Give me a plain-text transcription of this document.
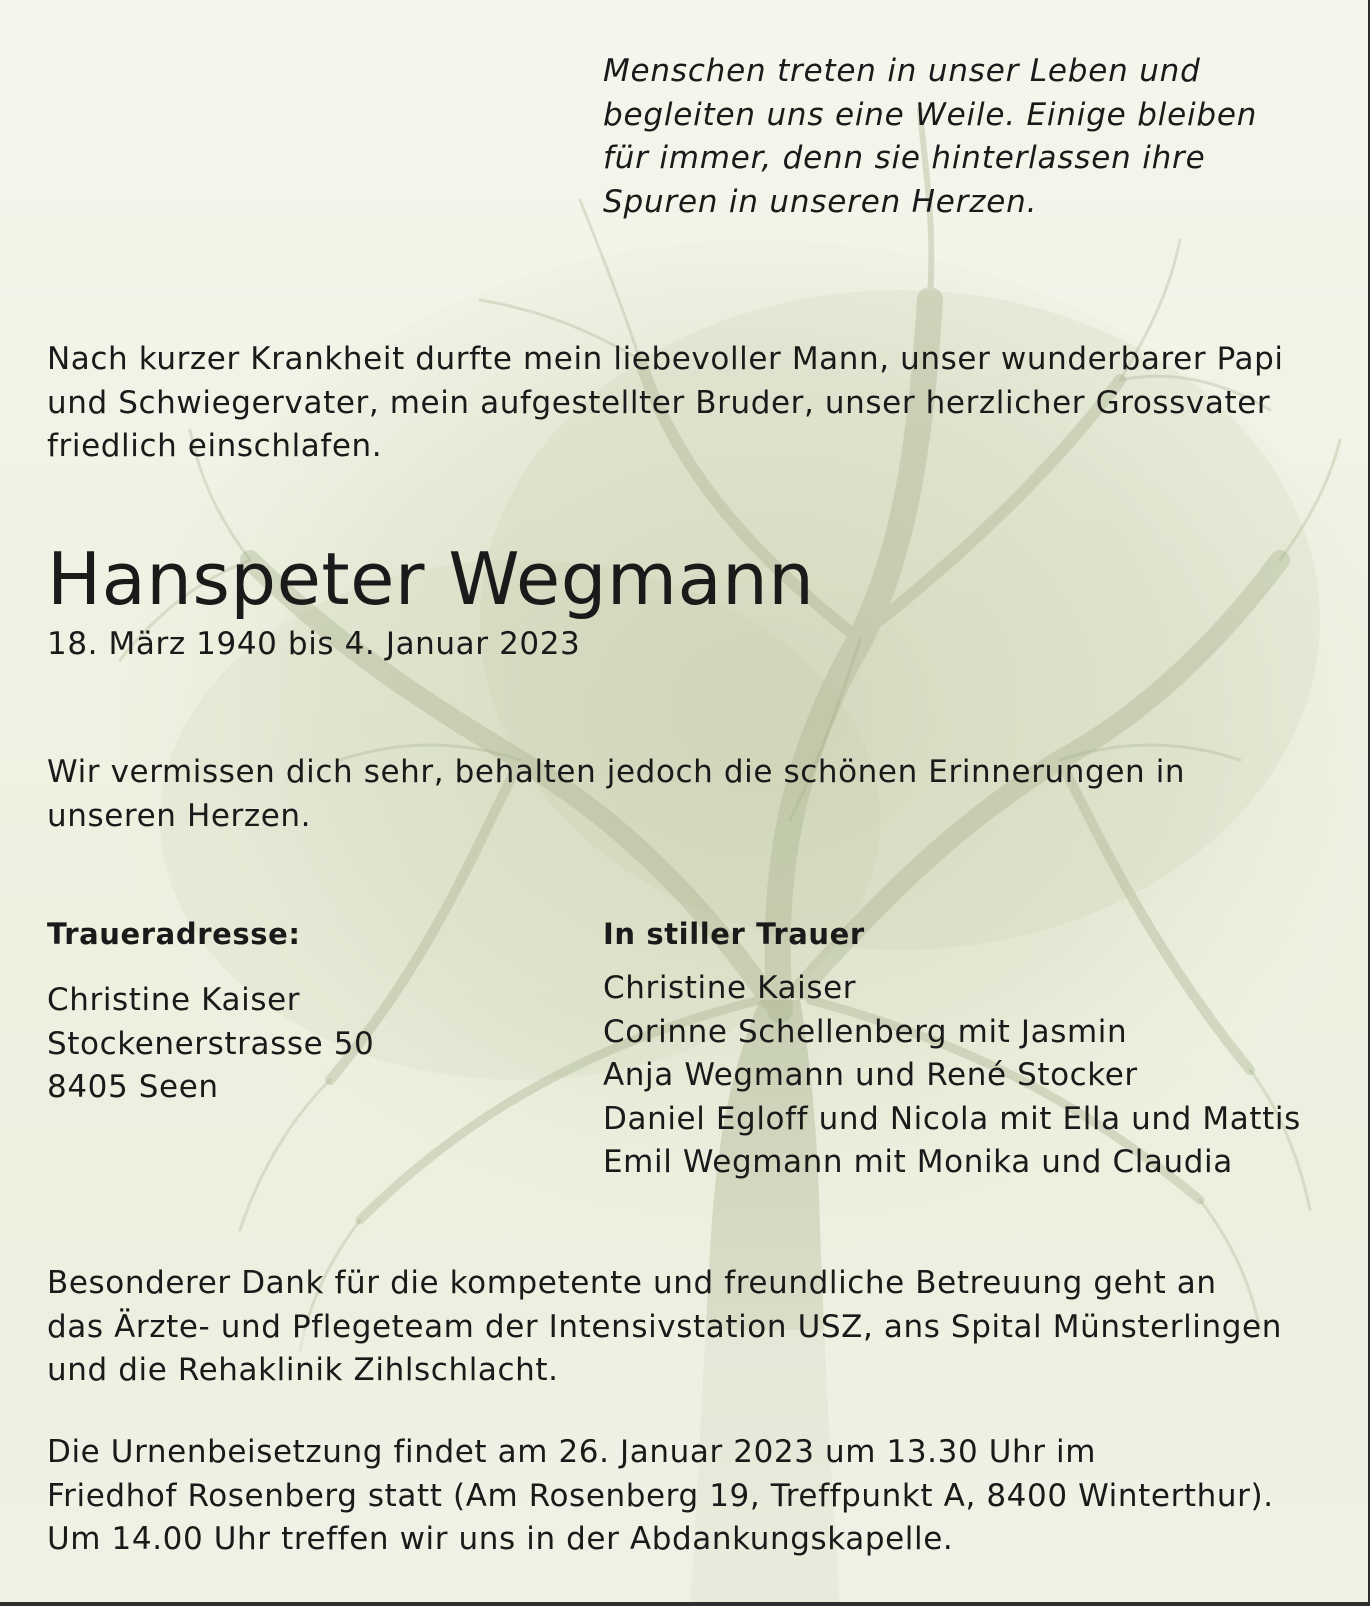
Menschen treten in unser Leben und
begleiten uns eine Weile. Einige bleiben
für immer, denn sie hinterlassen ihre
Spuren in unseren Herzen.

Nach kurzer Krankheit durfte mein liebevoller Mann, unser wunderbarer Papi
und Schwiegervater, mein aufgestellter Bruder, unser herzlicher Grossvater
friedlich einschlafen.

Hanspeter Wegmann

18. März 1940 bis 4. Januar 2023

Wir vermissen dich sehr, behalten jedoch die schönen Erinnerungen in
unseren Herzen.

Traueradresse:

Christine Kaiser
Stockenerstrasse 50
8405 Seen

In stiller Trauer

Christine Kaiser
Corinne Schellenberg mit Jasmin
Anja Wegmann und René Stocker
Daniel Egloff und Nicola mit Ella und Mattis
Emil Wegmann mit Monika und Claudia

Besonderer Dank für die kompetente und freundliche Betreuung geht an
das Ärzte- und Pflegeteam der Intensivstation USZ, ans Spital Münsterlingen
und die Rehaklinik Zihlschlacht.

Die Urnenbeisetzung findet am 26. Januar 2023 um 13.30 Uhr im
Friedhof Rosenberg statt (Am Rosenberg 19, Treffpunkt A, 8400 Winterthur).
Um 14.00 Uhr treffen wir uns in der Abdankungskapelle.
